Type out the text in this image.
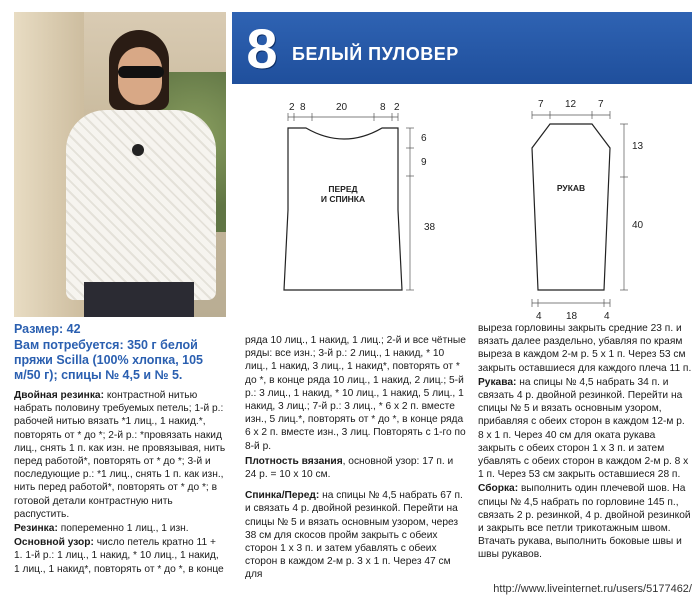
8 БЕЛЫЙ ПУЛОВЕР
2 8	20	8 2
6
9
38
ПЕРЕД
И СПИНКА
7 12 7
13
40
4 18	4
РУКАВ

Размер: 42

Вам потребуется: 350 г белой пряжи Scilla (100% хлопка, 105 м/50 г); спицы № 4,5 и № 5.

Двойная резинка: контрастной нитью набрать половину требуемых петель; 1-й р.: рабочей нитью вязать *1 лиц., 1 накид.*, повторять от * до *; 2-й р.: *провязать накид лиц., снять 1 п. как изн. не провязывая, нить перед работой*, повторять от * до *; 3-й и последующие р.: *1 лиц., снять 1 п. как изн., нить перед работой*, повторять от * до *; в готовой детали контрастную нить распустить.

Резинка: попеременно 1 лиц., 1 изн.

Основной узор: число петель кратно 11 + 1. 1-й р.: 1 лиц., 1 накид, * 10 лиц., 1 накид, 1 лиц., 1 накид*, повторять от * до *, в конце

ряда 10 лиц., 1 накид, 1 лиц.; 2-й и все чётные ряды: все изн.; 3-й р.: 2 лиц., 1 накид, * 10 лиц., 1 накид, 3 лиц., 1 накид*, повторять от * до *, в конце ряда 10 лиц., 1 накид, 2 лиц.; 5-й р.: 3 лиц., 1 накид, * 10 лиц., 1 накид, 5 лиц., 1 накид, 3 лиц.; 7-й р.: 3 лиц., * 6 х 2 п. вместе изн., 5 лиц.*, повторять от * до *, в конце ряда 6 х 2 п. вместе изн., 3 лиц. Повторять с 1-го по 8-й р.

Плотность вязания, основной узор: 17 п. и 24 р. = 10 х 10 см.

Спинка/Перед: на спицы № 4,5 набрать 67 п. и связать 4 р. двойной резинкой. Перейти на спицы № 5 и вязать основным узором, через 38 см для скосов пройм закрыть с обеих сторон 1 х 3 п. и затем убавлять с обеих сторон в каждом 2-м р. 3 х 1 п. Через 47 см для

выреза горловины закрыть средние 23 п. и вязать далее раздельно, убавляя по краям выреза в каждом 2-м р. 5 х 1 п. Через 53 см закрыть оставшиеся для каждого плеча 11 п.

Рукава: на спицы № 4,5 набрать 34 п. и связать 4 р. двойной резинкой. Перейти на спицы № 5 и вязать основным узором, прибавляя с обеих сторон в каждом 12-м р. 8 х 1 п. Через 40 см для оката рукава закрыть с обеих сторон 1 х 3 п. и затем убавлять с обеих сторон в каждом 2-м р. 8 х 1 п. Через 53 см закрыть оставшиеся 28 п.

Сборка: выполнить один плечевой шов. На спицы № 4,5 набрать по горловине 145 п., связать 2 р. резинкой, 4 р. двойной резинкой и закрыть все петли трикотажным швом. Втачать рукава, выполнить боковые швы и швы рукавов.

http://www.liveinternet.ru/users/5177462/
